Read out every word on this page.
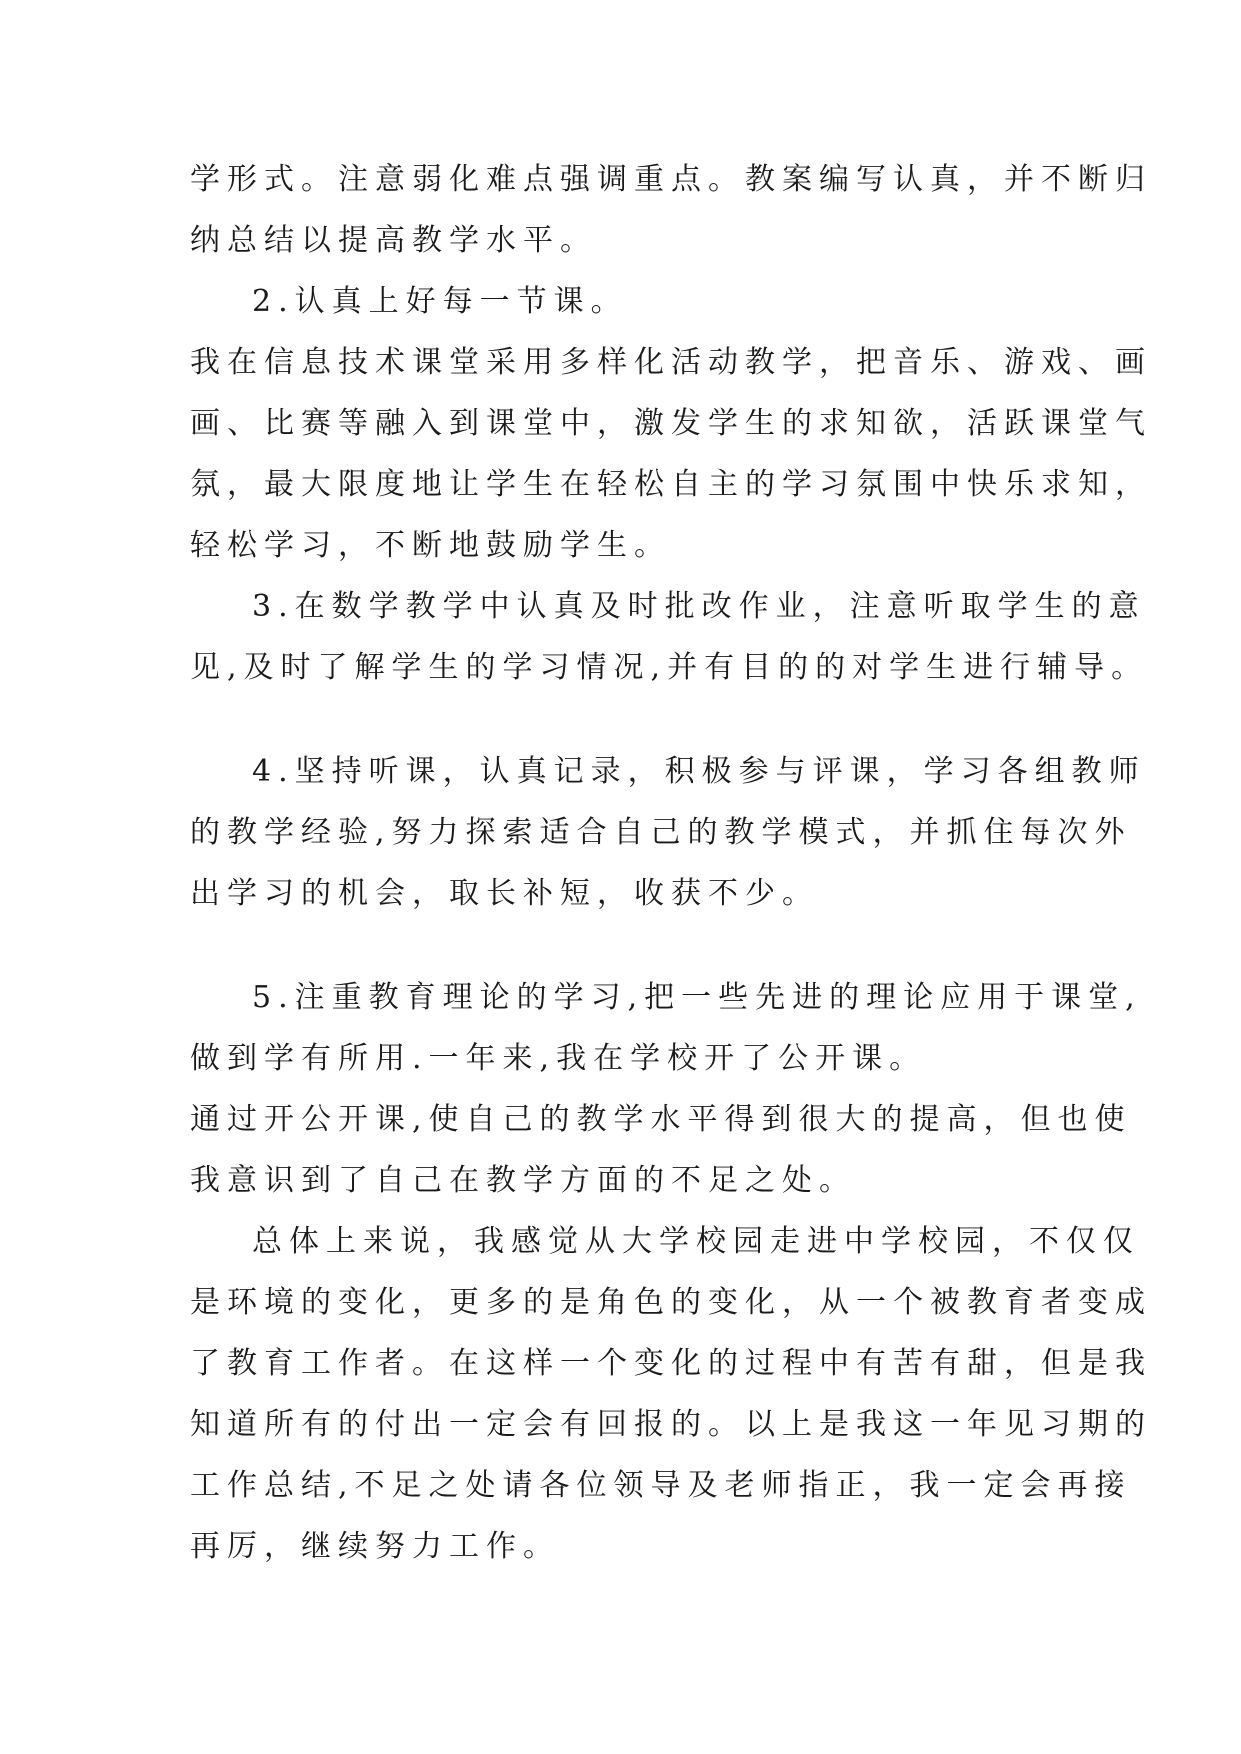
学形式。注意弱化难点强调重点。教案编写认真，并不断归
纳总结以提高教学水平。
2.认真上好每一节课。
我在信息技术课堂采用多样化活动教学，把音乐、游戏、画
画、比赛等融入到课堂中，激发学生的求知欲，活跃课堂气
氛，最大限度地让学生在轻松自主的学习氛围中快乐求知，
轻松学习，不断地鼓励学生。
3.在数学教学中认真及时批改作业，注意听取学生的意
见,及时了解学生的学习情况,并有目的的对学生进行辅导。
4.坚持听课，认真记录，积极参与评课，学习各组教师
的教学经验,努力探索适合自己的教学模式，并抓住每次外
出学习的机会，取长补短，收获不少。
5.注重教育理论的学习,把一些先进的理论应用于课堂,
做到学有所用.一年来,我在学校开了公开课。
通过开公开课,使自己的教学水平得到很大的提高，但也使
我意识到了自己在教学方面的不足之处。
总体上来说，我感觉从大学校园走进中学校园，不仅仅
是环境的变化，更多的是角色的变化，从一个被教育者变成
了教育工作者。在这样一个变化的过程中有苦有甜，但是我
知道所有的付出一定会有回报的。以上是我这一年见习期的
工作总结,不足之处请各位领导及老师指正，我一定会再接
再厉，继续努力工作。
